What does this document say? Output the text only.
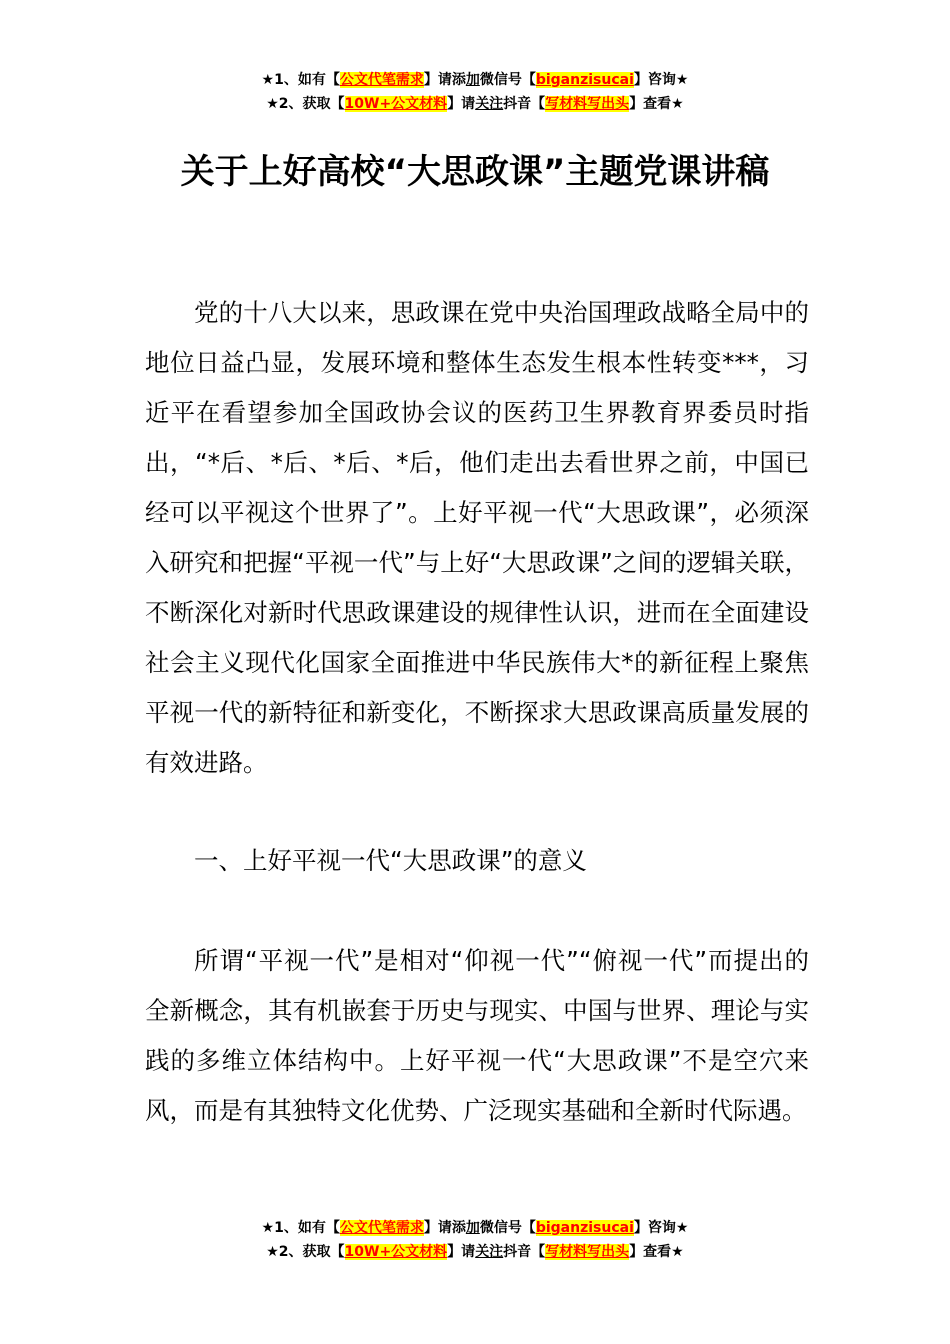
★1、如有【公文代笔需求】请添加微信号【biganzisucai】咨询★
★2、获取【10W+公文材料】请关注抖音【写材料写出头】查看★
关于上好高校“大思政课”主题党课讲稿

党的十八大以来，思政课在党中央治国理政战略全局中的地位日益凸显，发展环境和整体生态发生根本性转变***，习近平在看望参加全国政协会议的医药卫生界教育界委员时指出，“*后、*后、*后、*后，他们走出去看世界之前，中国已经可以平视这个世界了”。上好平视一代“大思政课”，必须深入研究和把握“平视一代”与上好“大思政课”之间的逻辑关联，不断深化对新时代思政课建设的规律性认识，进而在全面建设社会主义现代化国家全面推进中华民族伟大*的新征程上聚焦平视一代的新特征和新变化，不断探求大思政课高质量发展的有效进路。

一、上好平视一代“大思政课”的意义

所谓“平视一代”是相对“仰视一代”“俯视一代”而提出的全新概念，其有机嵌套于历史与现实、中国与世界、理论与实践的多维立体结构中。上好平视一代“大思政课”不是空穴来风，而是有其独特文化优势、广泛现实基础和全新时代际遇。

★1、如有【公文代笔需求】请添加微信号【biganzisucai】咨询★
★2、获取【10W+公文材料】请关注抖音【写材料写出头】查看★
